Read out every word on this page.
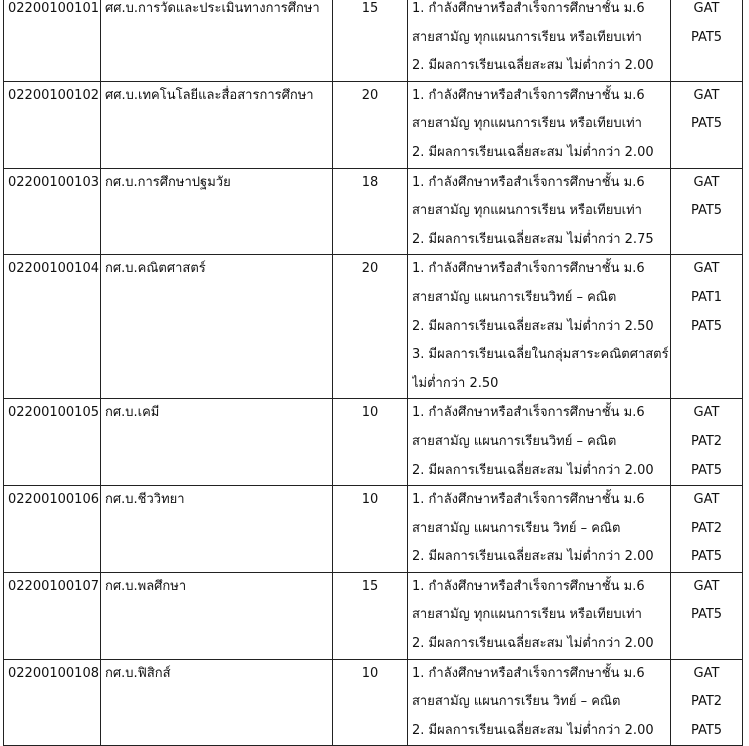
02200100101	ศศ.บ.การวัดและประเมินทางการศึกษา	15	1. กำลังศึกษาหรือสำเร็จการศึกษาชั้น ม.6
สายสามัญ ทุกแผนการเรียน หรือเทียบเท่า
2. มีผลการเรียนเฉลี่ยสะสม ไม่ต่ำกว่า 2.00	GAT
PAT5

02200100102	ศศ.บ.เทคโนโลยีและสื่อสารการศึกษา	20	1. กำลังศึกษาหรือสำเร็จการศึกษาชั้น ม.6
สายสามัญ ทุกแผนการเรียน หรือเทียบเท่า
2. มีผลการเรียนเฉลี่ยสะสม ไม่ต่ำกว่า 2.00	GAT
PAT5

02200100103	กศ.บ.การศึกษาปฐมวัย	18	1. กำลังศึกษาหรือสำเร็จการศึกษาชั้น ม.6
สายสามัญ ทุกแผนการเรียน หรือเทียบเท่า
2. มีผลการเรียนเฉลี่ยสะสม ไม่ต่ำกว่า 2.75	GAT
PAT5

02200100104	กศ.บ.คณิตศาสตร์	20	1. กำลังศึกษาหรือสำเร็จการศึกษาชั้น ม.6
สายสามัญ แผนการเรียนวิทย์ – คณิต
2. มีผลการเรียนเฉลี่ยสะสม ไม่ต่ำกว่า 2.50
3. มีผลการเรียนเฉลี่ยในกลุ่มสาระคณิตศาสตร์
ไม่ต่ำกว่า 2.50	GAT
PAT1
PAT5

02200100105	กศ.บ.เคมี	10	1. กำลังศึกษาหรือสำเร็จการศึกษาชั้น ม.6
สายสามัญ แผนการเรียนวิทย์ – คณิต
2. มีผลการเรียนเฉลี่ยสะสม ไม่ต่ำกว่า 2.00	GAT
PAT2
PAT5

02200100106	กศ.บ.ชีววิทยา	10	1. กำลังศึกษาหรือสำเร็จการศึกษาชั้น ม.6
สายสามัญ แผนการเรียน วิทย์ – คณิต
2. มีผลการเรียนเฉลี่ยสะสม ไม่ต่ำกว่า 2.00	GAT
PAT2
PAT5

02200100107	กศ.บ.พลศึกษา	15	1. กำลังศึกษาหรือสำเร็จการศึกษาชั้น ม.6
สายสามัญ ทุกแผนการเรียน หรือเทียบเท่า
2. มีผลการเรียนเฉลี่ยสะสม ไม่ต่ำกว่า 2.00	GAT
PAT5

02200100108	กศ.บ.ฟิสิกส์	10	1. กำลังศึกษาหรือสำเร็จการศึกษาชั้น ม.6
สายสามัญ แผนการเรียน วิทย์ – คณิต
2. มีผลการเรียนเฉลี่ยสะสม ไม่ต่ำกว่า 2.00	GAT
PAT2
PAT5
